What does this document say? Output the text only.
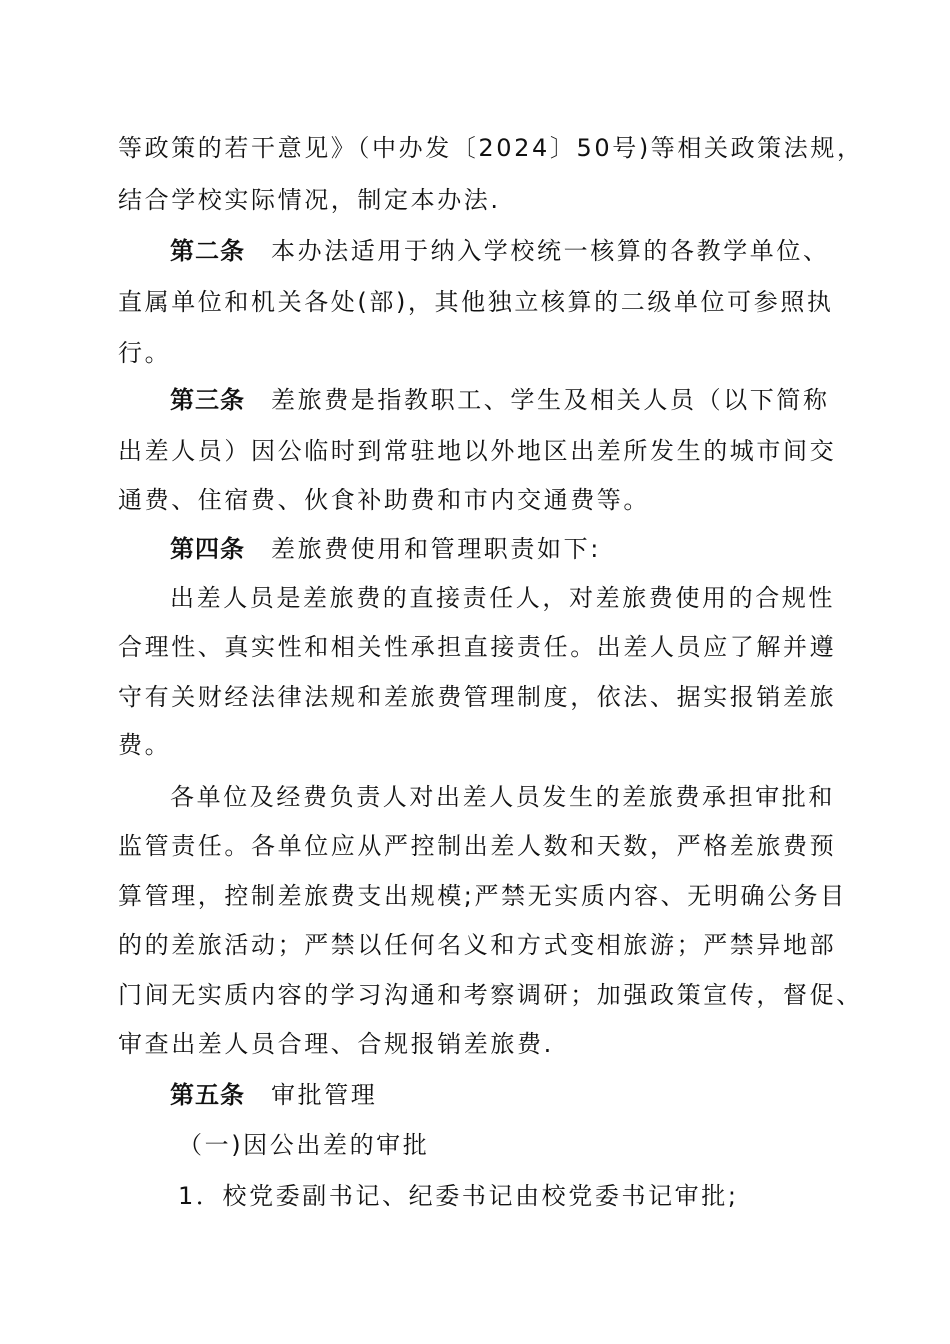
等政策的若干意见》（中办发〔2024〕50号)等相关政策法规，
结合学校实际情况，制定本办法.
第二条 本办法适用于纳入学校统一核算的各教学单位、
直属单位和机关各处(部)，其他独立核算的二级单位可参照执
行。
第三条 差旅费是指教职工、学生及相关人员（以下简称
出差人员）因公临时到常驻地以外地区出差所发生的城市间交
通费、住宿费、伙食补助费和市内交通费等。
第四条 差旅费使用和管理职责如下:
出差人员是差旅费的直接责任人，对差旅费使用的合规性
合理性、真实性和相关性承担直接责任。出差人员应了解并遵
守有关财经法律法规和差旅费管理制度，依法、据实报销差旅
费。
各单位及经费负责人对出差人员发生的差旅费承担审批和
监管责任。各单位应从严控制出差人数和天数，严格差旅费预
算管理，控制差旅费支出规模;严禁无实质内容、无明确公务目
的的差旅活动；严禁以任何名义和方式变相旅游；严禁异地部
门间无实质内容的学习沟通和考察调研；加强政策宣传，督促、
审查出差人员合理、合规报销差旅费.
第五条 审批管理
（一)因公出差的审批
1．校党委副书记、纪委书记由校党委书记审批;
